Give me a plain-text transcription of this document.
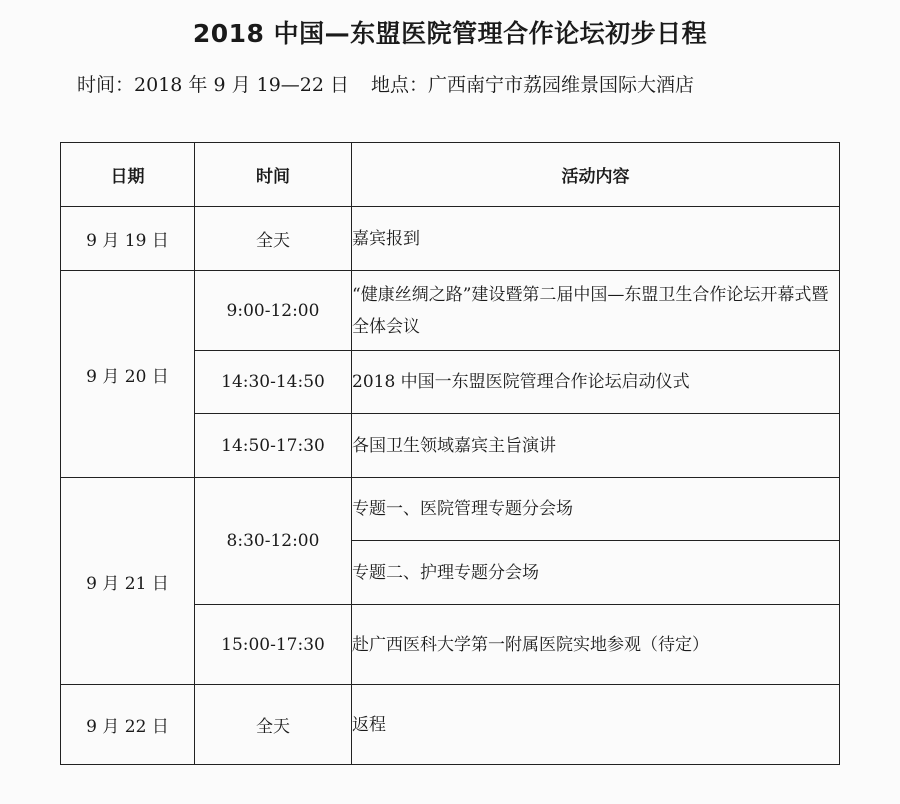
2018 中国—东盟医院管理合作论坛初步日程
时间：2018 年 9 月 19—22 日 地点：广西南宁市荔园维景国际大酒店
日期	时间	活动内容
9 月 19 日	全天	嘉宾报到
9 月 20 日	9:00-12:00	“健康丝绸之路”建设暨第二届中国—东盟卫生合作论坛开幕式暨全体会议
	14:30-14:50	2018 中国一东盟医院管理合作论坛启动仪式
	14:50-17:30	各国卫生领域嘉宾主旨演讲
9 月 21 日	8:30-12:00	专题一、医院管理专题分会场
		专题二、护理专题分会场
	15:00-17:30	赴广西医科大学第一附属医院实地参观（待定）
9 月 22 日	全天	返程
